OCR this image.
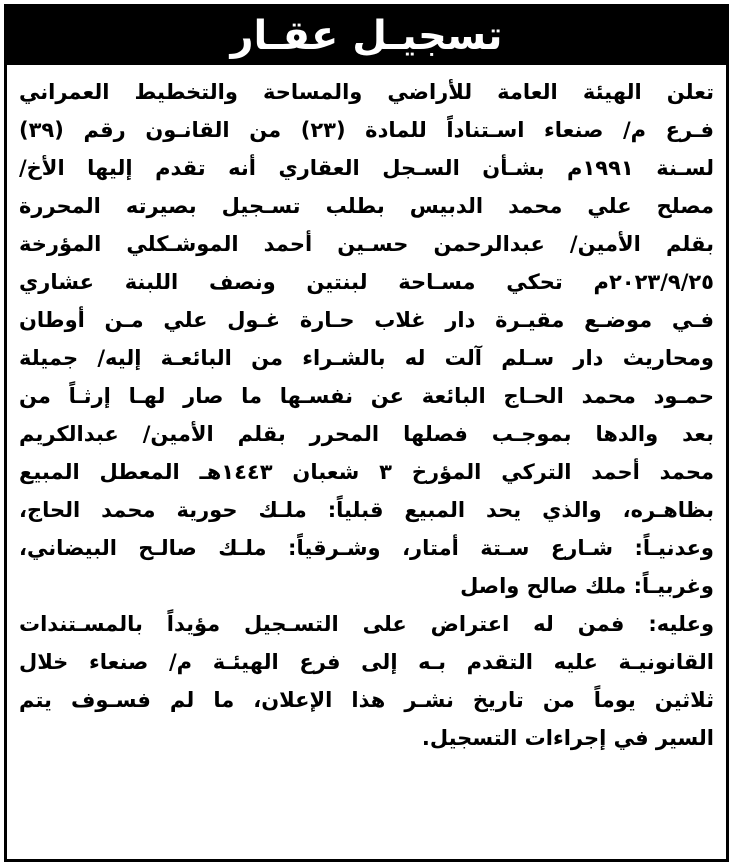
تسجيـل عقـار
تعلن الهيئة العامة للأراضي والمساحة والتخطيط العمراني
فـرع م/ صنعاء اسـتناداً للمادة (٢٣) من القانـون رقم (٣٩)
لسـنة ١٩٩١م بشـأن السـجل العقاري أنه تقدم إليها الأخ/
مصلح علي محمد الدبيس بطلب تسـجيل بصيرته المحررة
بقلم الأمين/ عبدالرحمن حسـين أحمد الموشـكلي المؤرخة
٢٠٢٣/٩/٢٥م تحكي مسـاحة لبنتين ونصف اللبنة عشاري
فـي موضـع مقيـرة دار غلاب حـارة غـول علي مـن أوطان
ومحاريث دار سـلم آلت له بالشـراء من البائعـة إليه/ جميلة
حمـود محمد الحـاج البائعة عن نفسـها ما صار لهـا إرثـاً من
بعد والدها بموجـب فصلها المحرر بقلم الأمين/ عبدالكريم
محمد أحمد التركي المؤرخ ٣ شعبان ١٤٤٣هـ المعطل المبيع
بظاهـره، والذي يحد المبيع قبلياً: ملـك حورية محمد الحاج،
وعدنيـاً: شـارع سـتة أمتار، وشـرقياً: ملـك صالـح البيضاني،
وغربيـاً: ملك صالح واصل
وعليه: فمن له اعتراض على التسـجيل مؤيداً بالمسـتندات
القانونيـة عليه التقدم بـه إلى فرع الهيئـة م/ صنعاء خلال
ثلاثين يوماً من تاريخ نشـر هذا الإعلان، ما لم فسـوف يتم
السير في إجراءات التسجيل.
